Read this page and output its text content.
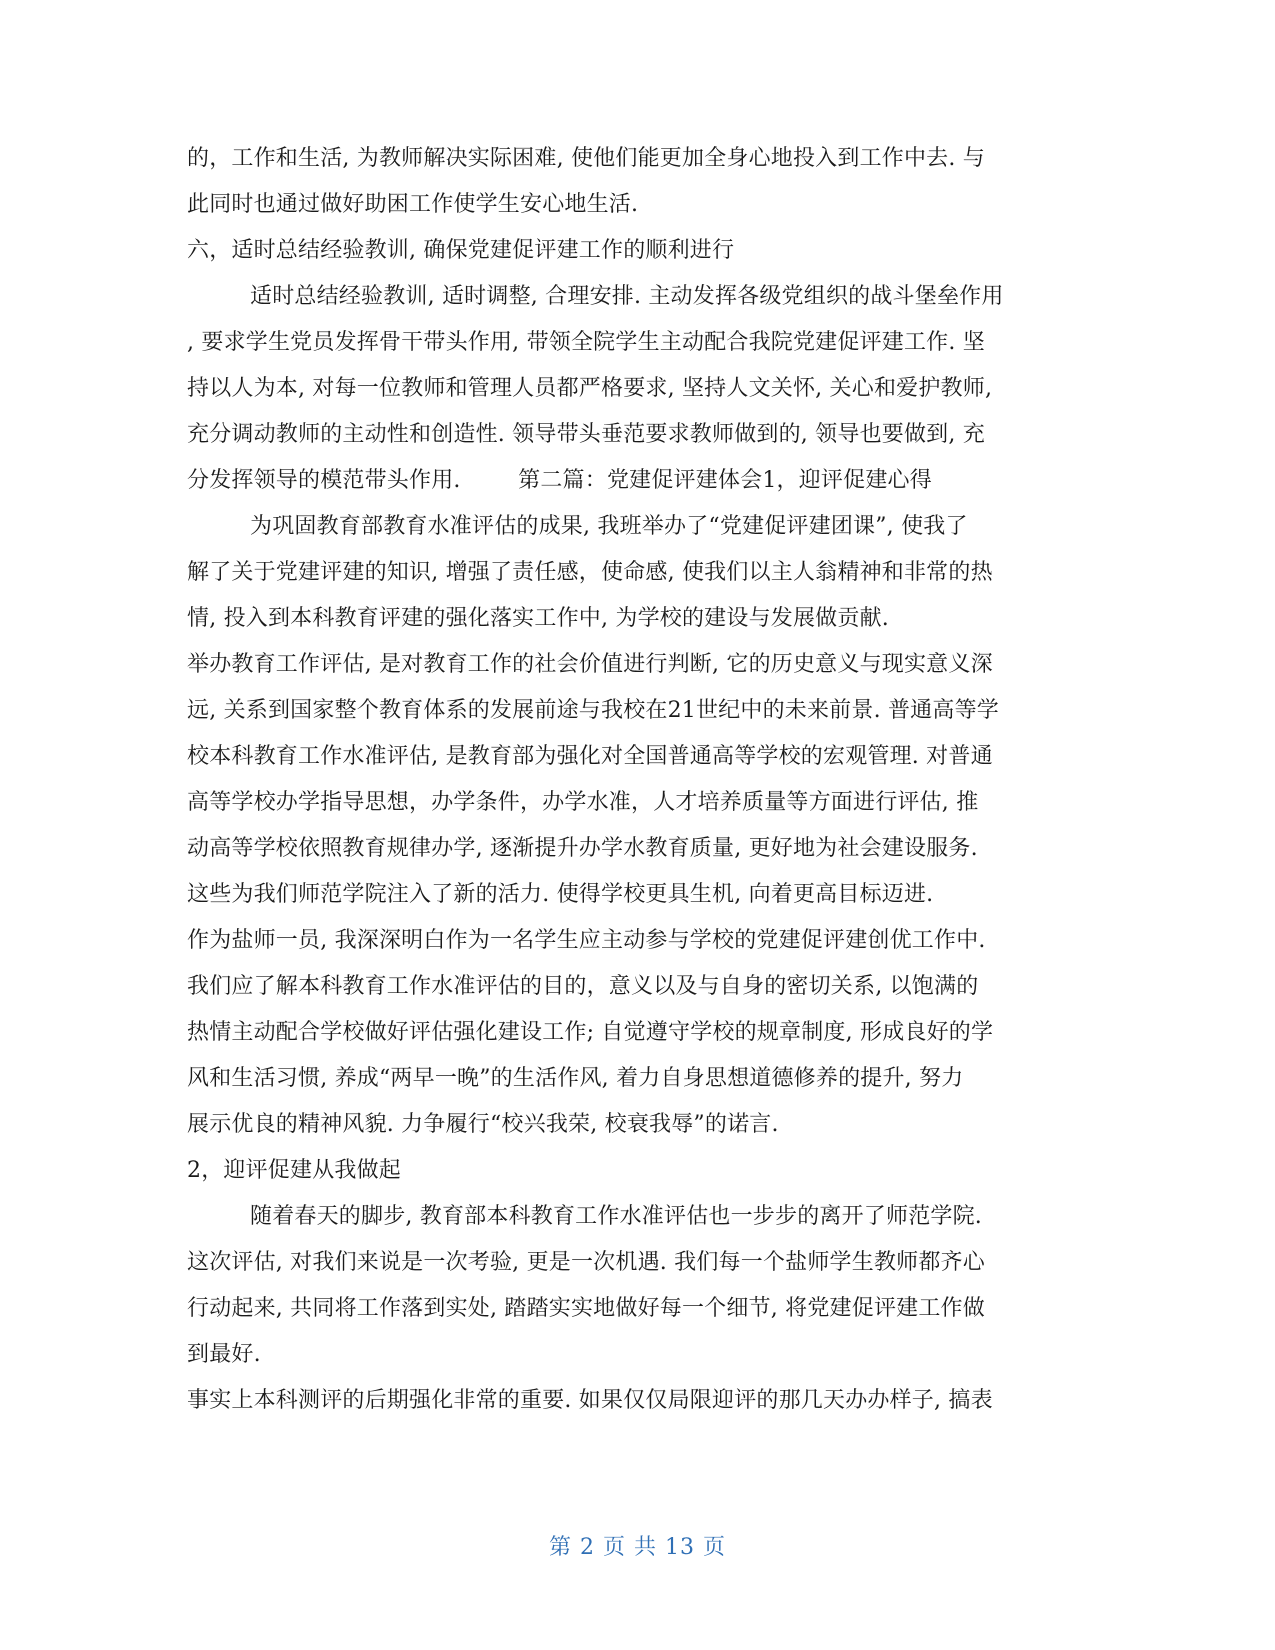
的，工作和生活, 为教师解决实际困难, 使他们能更加全身心地投入到工作中去. 与
此同时也通过做好助困工作使学生安心地生活.
六，适时总结经验教训, 确保党建促评建工作的顺利进行
适时总结经验教训, 适时调整, 合理安排. 主动发挥各级党组织的战斗堡垒作用
, 要求学生党员发挥骨干带头作用, 带领全院学生主动配合我院党建促评建工作. 坚
持以人为本, 对每一位教师和管理人员都严格要求, 坚持人文关怀, 关心和爱护教师,
充分调动教师的主动性和创造性. 领导带头垂范要求教师做到的, 领导也要做到, 充
分发挥领导的模范带头作用.        第二篇：党建促评建体会1，迎评促建心得
为巩固教育部教育水准评估的成果, 我班举办了“党建促评建团课”, 使我了
解了关于党建评建的知识, 增强了责任感，使命感, 使我们以主人翁精神和非常的热
情, 投入到本科教育评建的强化落实工作中, 为学校的建设与发展做贡献.
举办教育工作评估, 是对教育工作的社会价值进行判断, 它的历史意义与现实意义深
远, 关系到国家整个教育体系的发展前途与我校在21世纪中的未来前景. 普通高等学
校本科教育工作水准评估, 是教育部为强化对全国普通高等学校的宏观管理. 对普通
高等学校办学指导思想，办学条件，办学水准，人才培养质量等方面进行评估, 推
动高等学校依照教育规律办学, 逐渐提升办学水教育质量, 更好地为社会建设服务.
这些为我们师范学院注入了新的活力. 使得学校更具生机, 向着更高目标迈进.
作为盐师一员, 我深深明白作为一名学生应主动参与学校的党建促评建创优工作中.
我们应了解本科教育工作水准评估的目的，意义以及与自身的密切关系, 以饱满的
热情主动配合学校做好评估强化建设工作; 自觉遵守学校的规章制度, 形成良好的学
风和生活习惯, 养成“两早一晚”的生活作风, 着力自身思想道德修养的提升, 努力
展示优良的精神风貌. 力争履行“校兴我荣, 校衰我辱”的诺言.
2，迎评促建从我做起
随着春天的脚步, 教育部本科教育工作水准评估也一步步的离开了师范学院.
这次评估, 对我们来说是一次考验, 更是一次机遇. 我们每一个盐师学生教师都齐心
行动起来, 共同将工作落到实处, 踏踏实实地做好每一个细节, 将党建促评建工作做
到最好.
事实上本科测评的后期强化非常的重要. 如果仅仅局限迎评的那几天办办样子, 搞表
第 2 页 共 13 页
